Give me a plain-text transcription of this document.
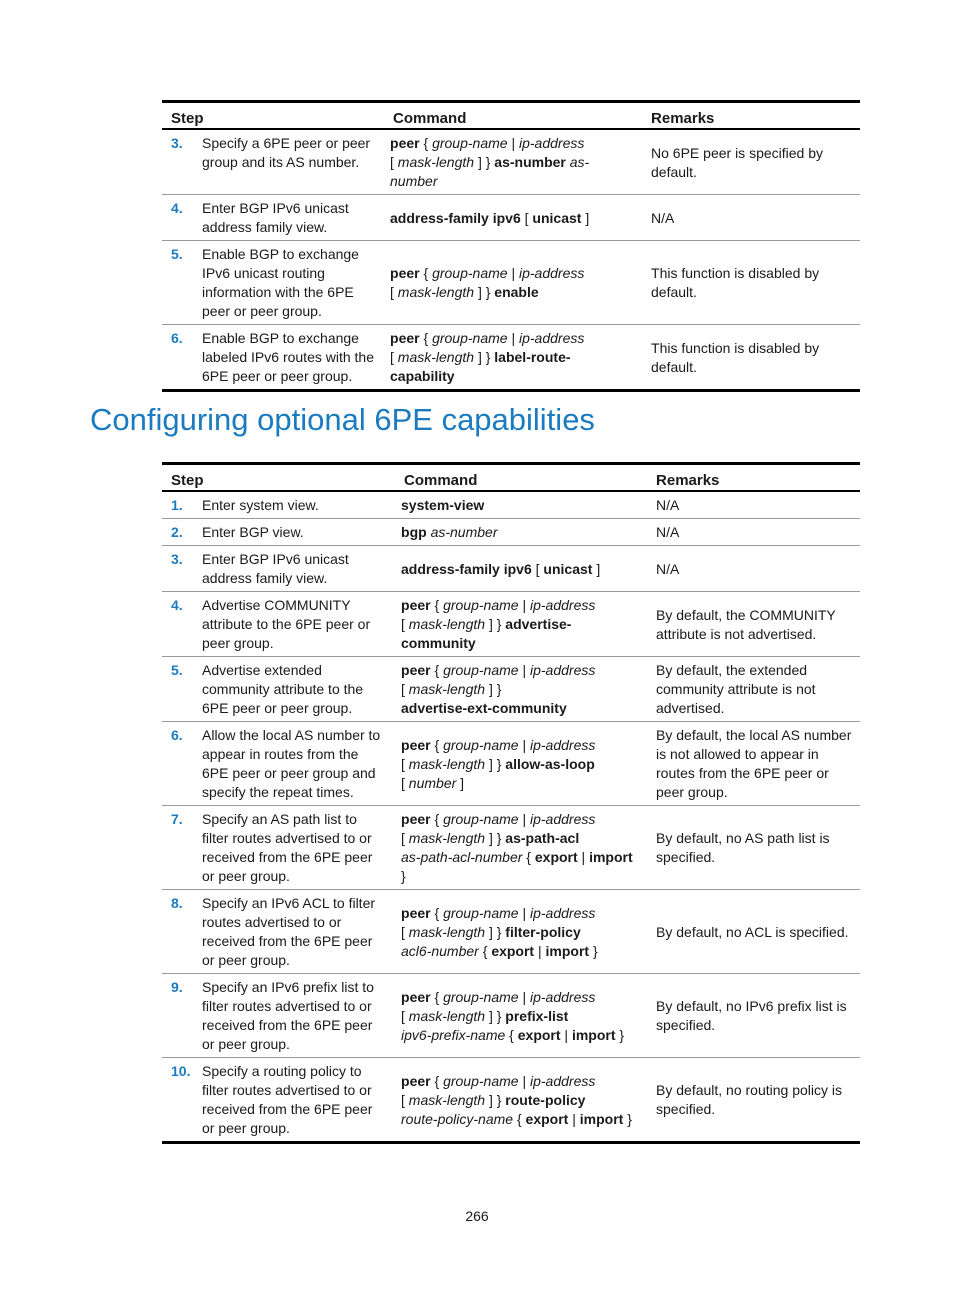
Step		Command	Remarks
3.	Specify a 6PE peer or peer group and its AS number.	peer { group-name | ip-address
[ mask-length ] } as-number as-number	No 6PE peer is specified by default.
4.	Enter BGP IPv6 unicast address family view.	address-family ipv6 [ unicast ]	N/A
5.	Enable BGP to exchange IPv6 unicast routing information with the 6PE peer or peer group.	peer { group-name | ip-address
[ mask-length ] } enable	This function is disabled by default.
6.	Enable BGP to exchange labeled IPv6 routes with the 6PE peer or peer group.	peer { group-name | ip-address
[ mask-length ] } label-route-capability	This function is disabled by default.
Configuring optional 6PE capabilities
Step		Command	Remarks
1.	Enter system view.	system-view	N/A
2.	Enter BGP view.	bgp as-number	N/A
3.	Enter BGP IPv6 unicast address family view.	address-family ipv6 [ unicast ]	N/A
4.	Advertise COMMUNITY attribute to the 6PE peer or peer group.	peer { group-name | ip-address
[ mask-length ] } advertise-community	By default, the COMMUNITY attribute is not advertised.
5.	Advertise extended community attribute to the 6PE peer or peer group.	peer { group-name | ip-address
[ mask-length ] }
advertise-ext-community	By default, the extended community attribute is not advertised.
6.	Allow the local AS number to appear in routes from the 6PE peer or peer group and specify the repeat times.	peer { group-name | ip-address
[ mask-length ] } allow-as-loop
[ number ]	By default, the local AS number is not allowed to appear in routes from the 6PE peer or peer group.
7.	Specify an AS path list to filter routes advertised to or received from the 6PE peer or peer group.	peer { group-name | ip-address
[ mask-length ] } as-path-acl
as-path-acl-number { export | import }	By default, no AS path list is specified.
8.	Specify an IPv6 ACL to filter routes advertised to or received from the 6PE peer or peer group.	peer { group-name | ip-address
[ mask-length ] } filter-policy
acl6-number { export | import }	By default, no ACL is specified.
9.	Specify an IPv6 prefix list to filter routes advertised to or received from the 6PE peer or peer group.	peer { group-name | ip-address
[ mask-length ] } prefix-list
ipv6-prefix-name { export | import }	By default, no IPv6 prefix list is specified.
10.	Specify a routing policy to filter routes advertised to or received from the 6PE peer or peer group.	peer { group-name | ip-address
[ mask-length ] } route-policy
route-policy-name { export | import }	By default, no routing policy is specified.
266
